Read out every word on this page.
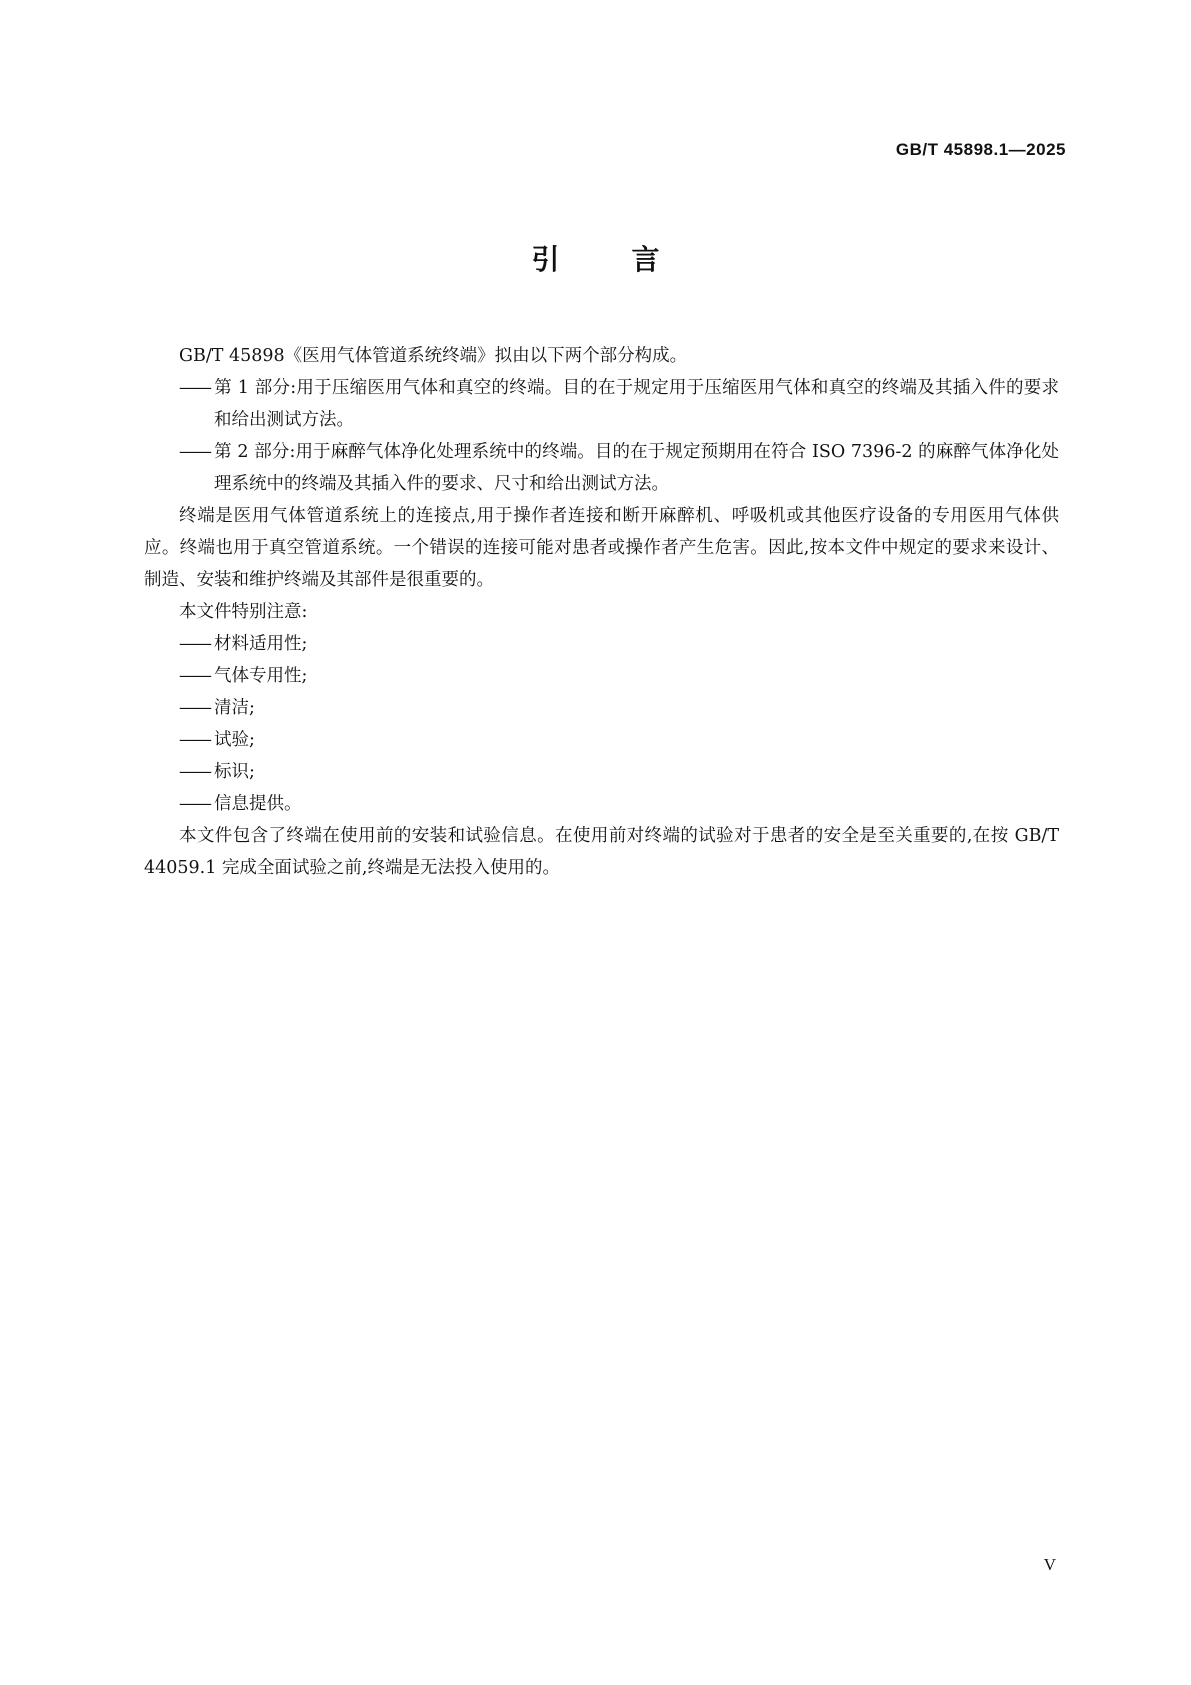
GB/T 45898.1—2025
引	言

GB/T 45898《医用气体管道系统终端》拟由以下两个部分构成。

—— 第 1 部分:用于压缩医用气体和真空的终端。目的在于规定用于压缩医用气体和真空的终端及其插入件的要求和给出测试方法。

—— 第 2 部分:用于麻醉气体净化处理系统中的终端。目的在于规定预期用在符合 ISO 7396-2 的麻醉气体净化处理系统中的终端及其插入件的要求、尺寸和给出测试方法。

终端是医用气体管道系统上的连接点,用于操作者连接和断开麻醉机、呼吸机或其他医疗设备的专用医用气体供应。终端也用于真空管道系统。一个错误的连接可能对患者或操作者产生危害。因此,按本文件中规定的要求来设计、制造、安装和维护终端及其部件是很重要的。

本文件特别注意:

—— 材料适用性;

—— 气体专用性;

—— 清洁;

—— 试验;

—— 标识;

—— 信息提供。

本文件包含了终端在使用前的安装和试验信息。在使用前对终端的试验对于患者的安全是至关重要的,在按 GB/T 44059.1 完成全面试验之前,终端是无法投入使用的。

V
